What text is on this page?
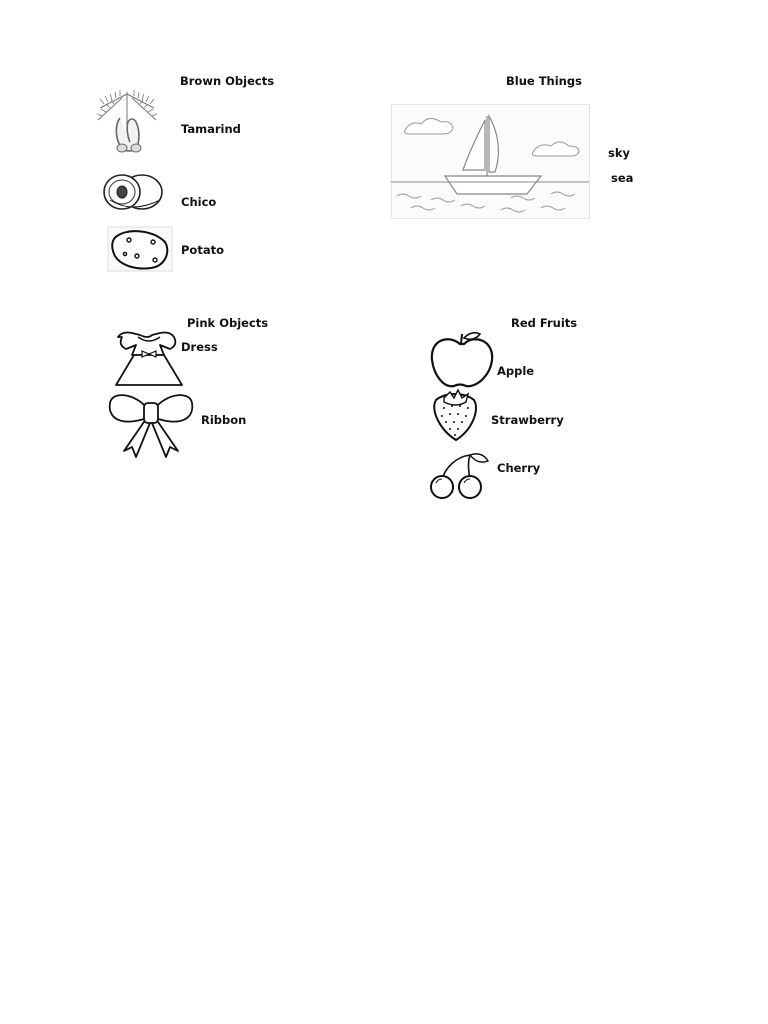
Brown Objects
Tamarind
Chico
Potato
Blue Things
sky
sea
Pink Objects
Dress
Ribbon
Red Fruits
Apple
Strawberry
Cherry
